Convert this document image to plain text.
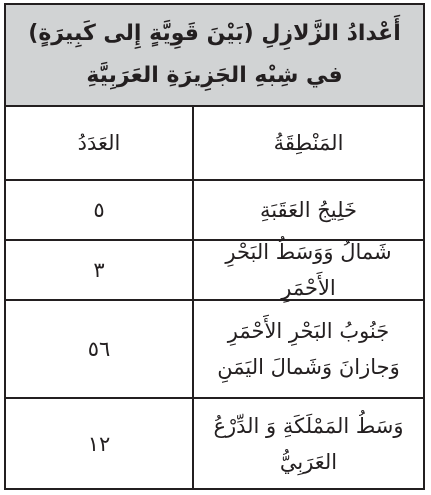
أَعْدادُ الزَّلازِلِ (بَيْنَ قَوِيَّةٍ إِلى كَبِيرَةٍ) في شِبْهِ الجَزِيرَةِ العَرَبِيَّةِ
المَنْطِقَةُ
العَدَدُ
خَلِيجُ العَقَبَةِ
٥
شَمالُ وَوَسَطُ البَحْرِ الأَحْمَرِ
٣
جَنُوبُ البَحْرِ الأَحْمَرِ وَجازانَ وَشَمالَ اليَمَنِ
٥٦
وَسَطُ المَمْلَكَةِ وَ الدِّرْعُ العَرَبِيُّ
١٢
